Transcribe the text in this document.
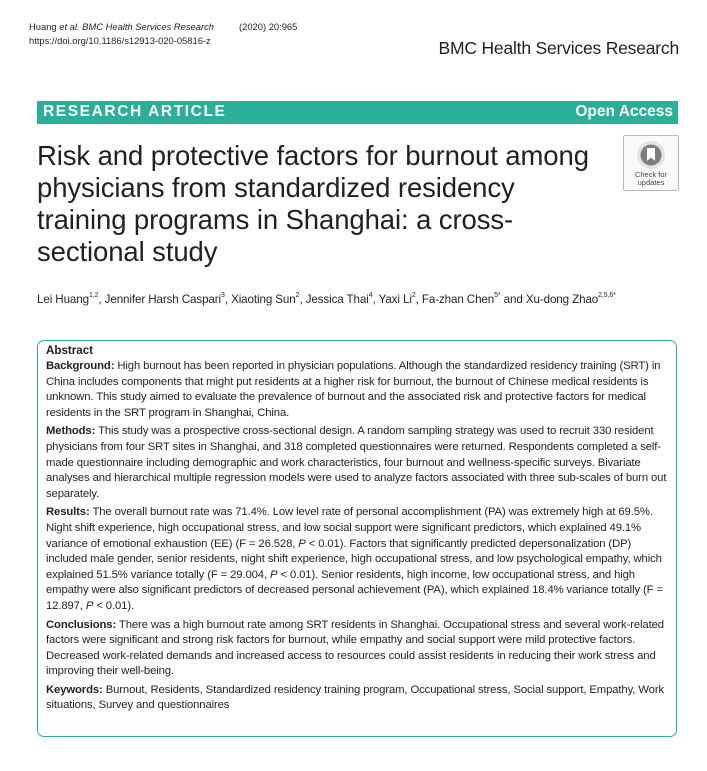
Huang et al. BMC Health Services Research	(2020) 20:965
https://doi.org/10.1186/s12913-020-05816-z	BMC Health Services Research
RESEARCH ARTICLE	Open Access
Risk and protective factors for burnout among physicians from standardized residency training programs in Shanghai: a cross-sectional study
Check for
updates
Lei Huang$^{1,2}$, Jennifer Harsh Caspari$^3$, Xiaoting Sun$^2$, Jessica Thai$^4$, Yaxi Li$^2$, Fa-zhan Chen$^{5*}$ and Xu-dong Zhao$^{2,5,6*}$
Abstract

Background: High burnout has been reported in physician populations. Although the standardized residency training (SRT) in China includes components that might put residents at a higher risk for burnout, the burnout of Chinese medical residents is unknown. This study aimed to evaluate the prevalence of burnout and the associated risk and protective factors for medical residents in the SRT program in Shanghai, China.

Methods: This study was a prospective cross-sectional design. A random sampling strategy was used to recruit 330 resident physicians from four SRT sites in Shanghai, and 318 completed questionnaires were returned. Respondents completed a self-made questionnaire including demographic and work characteristics, four burnout and wellness-specific surveys. Bivariate analyses and hierarchical multiple regression models were used to analyze factors associated with three sub-scales of burn out separately.

Results: The overall burnout rate was 71.4%. Low level rate of personal accomplishment (PA) was extremely high at 69.5%. Night shift experience, high occupational stress, and low social support were significant predictors, which explained 49.1% variance of emotional exhaustion (EE) (F = 26.528, P < 0.01). Factors that significantly predicted depersonalization (DP) included male gender, senior residents, night shift experience, high occupational stress, and low psychological empathy, which explained 51.5% variance totally (F = 29.004, P < 0.01). Senior residents, high income, low occupational stress, and high empathy were also significant predictors of decreased personal achievement (PA), which explained 18.4% variance totally (F = 12.897, P < 0.01).

Conclusions: There was a high burnout rate among SRT residents in Shanghai. Occupational stress and several work-related factors were significant and strong risk factors for burnout, while empathy and social support were mild protective factors. Decreased work-related demands and increased access to resources could assist residents in reducing their work stress and improving their well-being.

Keywords: Burnout, Residents, Standardized residency training program, Occupational stress, Social support, Empathy, Work situations, Survey and questionnaires
